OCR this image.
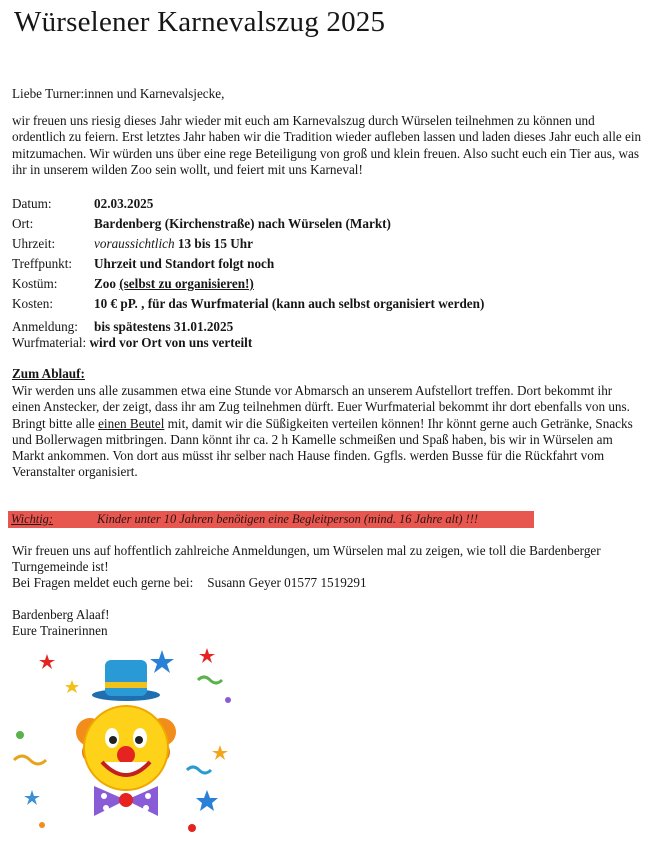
Würselener Karnevalszug 2025
Liebe Turner:innen und Karnevalsjecke,
wir freuen uns riesig dieses Jahr wieder mit euch am Karnevalszug durch Würselen teilnehmen zu können und ordentlich zu feiern. Erst letztes Jahr haben wir die Tradition wieder aufleben lassen und laden dieses Jahr euch alle ein mitzumachen. Wir würden uns über eine rege Beteiligung von groß und klein freuen. Also sucht euch ein Tier aus, was ihr in unserem wilden Zoo sein wollt, und feiert mit uns Karneval!
Datum:	02.03.2025
Ort:	Bardenberg (Kirchenstraße) nach Würselen (Markt)
Uhrzeit:	voraussichtlich 13 bis 15 Uhr
Treffpunkt: Uhrzeit und Standort folgt noch
Kostüm:	Zoo (selbst zu organisieren!)
Kosten:	10 € pP. , für das Wurfmaterial (kann auch selbst organisiert werden)
Anmeldung: bis spätestens 31.01.2025
Wurfmaterial: wird vor Ort von uns verteilt
Zum Ablauf:
Wir werden uns alle zusammen etwa eine Stunde vor Abmarsch an unserem Aufstellort treffen. Dort bekommt ihr einen Anstecker, der zeigt, dass ihr am Zug teilnehmen dürft. Euer Wurfmaterial bekommt ihr dort ebenfalls von uns. Bringt bitte alle einen Beutel mit, damit wir die Süßigkeiten verteilen können! Ihr könnt gerne auch Getränke, Snacks und Bollerwagen mitbringen. Dann könnt ihr ca. 2 h Kamelle schmeißen und Spaß haben, bis wir in Würselen am Markt ankommen. Von dort aus müsst ihr selber nach Hause finden. Ggfls. werden Busse für die Rückfahrt vom Veranstalter organisiert.
Wichtig:	Kinder unter 10 Jahren benötigen eine Begleitperson (mind. 16 Jahre alt) !!!
Wir freuen uns auf hoffentlich zahlreiche Anmeldungen, um Würselen mal zu zeigen, wie toll die Bardenberger Turngemeinde ist!
Bei Fragen meldet euch gerne bei: Susann Geyer 01577 1519291
Bardenberg Alaaf!
Eure Trainerinnen
